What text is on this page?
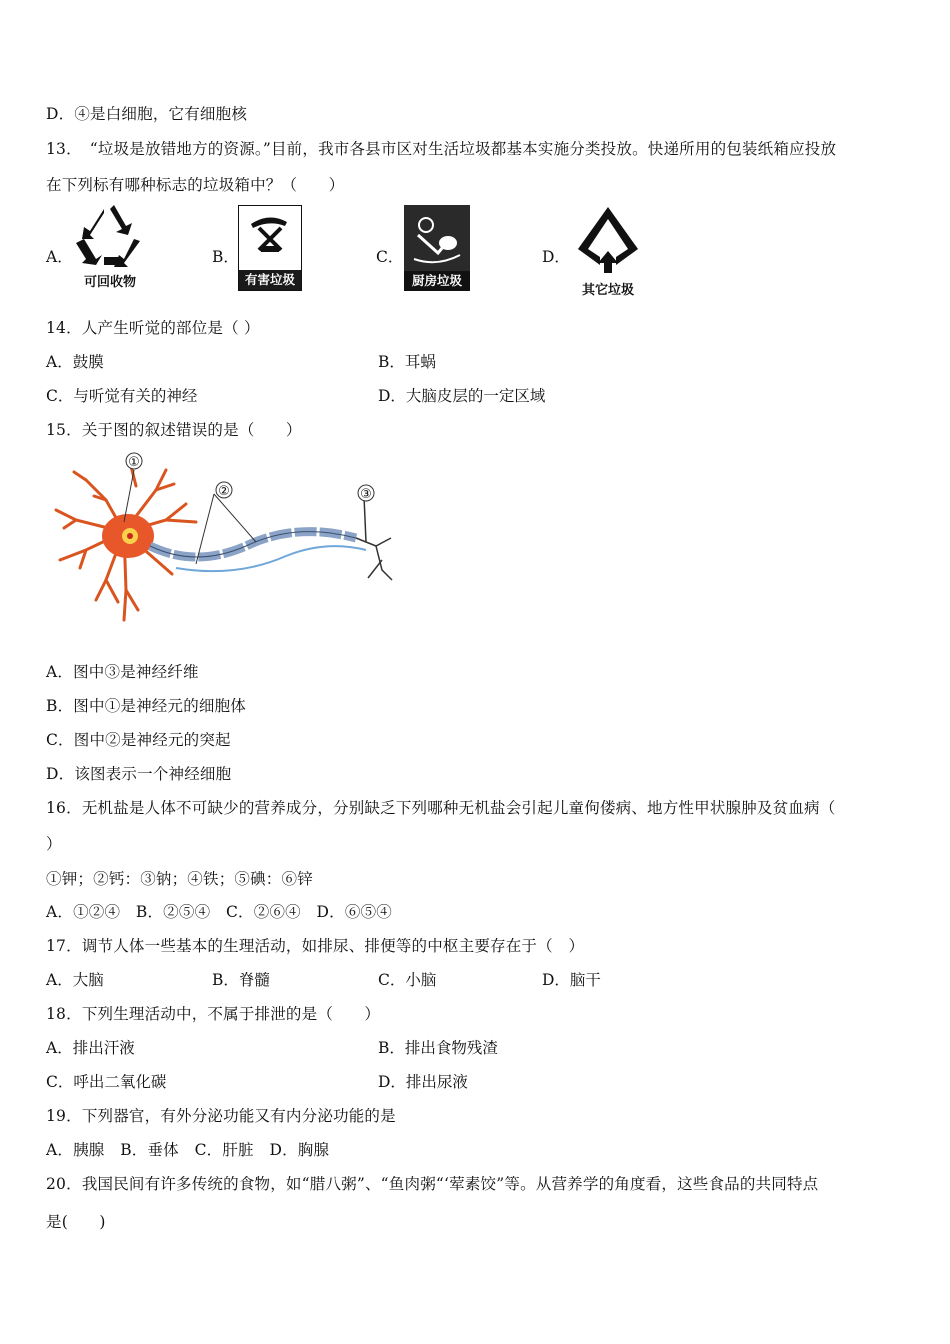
D．④是白细胞，它有细胞核
13．　“垃圾是放错地方的资源。”目前，我市各县市区对生活垃圾都基本实施分类投放。快递所用的包装纸箱应投放
在下列标有哪种标志的垃圾箱中？（　　）
A．
可回收物
B．
有害垃圾
C．
厨房垃圾
D．
其它垃圾
14．人产生听觉的部位是（ ）
A．鼓膜	B．耳蜗
C．与听觉有关的神经	D．大脑皮层的一定区域
15．关于图的叙述错误的是（　　）
①
②	③
A．图中③是神经纤维
B．图中①是神经元的细胞体
C．图中②是神经元的突起
D．该图表示一个神经细胞
16．无机盐是人体不可缺少的营养成分，分别缺乏下列哪种无机盐会引起儿童佝偻病、地方性甲状腺肿及贫血病（
）
①钾；②钙：③钠；④铁；⑤碘：⑥锌
A．①②④　B．②⑤④　C．②⑥④　D．⑥⑤④
17．调节人体一些基本的生理活动，如排尿、排便等的中枢主要存在于（　）
A．大脑	B．脊髓	C．小脑	D．脑干
18．下列生理活动中，不属于排泄的是（　　）
A．排出汗液	B．排出食物残渣
C．呼出二氧化碳	D．排出尿液
19．下列器官，有外分泌功能又有内分泌功能的是
A．胰腺　B．垂体　C．肝脏　D．胸腺
20．我国民间有许多传统的食物，如“腊八粥”、“鱼肉粥“‘荤素饺”等。从营养学的角度看，这些食品的共同特点
是(　　)
